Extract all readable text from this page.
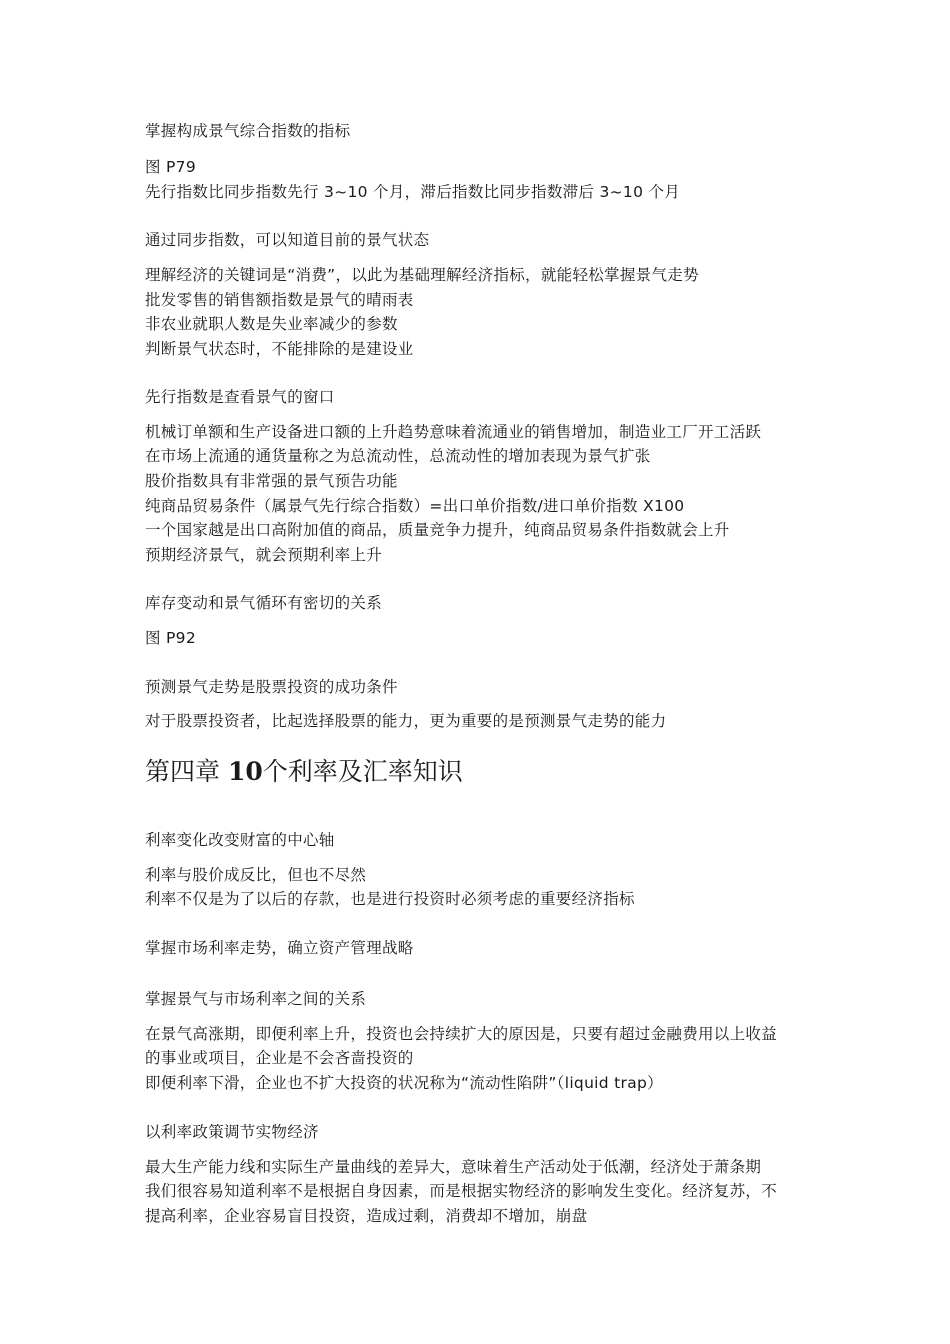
掌握构成景气综合指数的指标
图 P79
先行指数比同步指数先行 3~10 个月，滞后指数比同步指数滞后 3~10 个月
通过同步指数，可以知道目前的景气状态
理解经济的关键词是“消费”，以此为基础理解经济指标，就能轻松掌握景气走势
批发零售的销售额指数是景气的晴雨表
非农业就职人数是失业率减少的参数
判断景气状态时，不能排除的是建设业
先行指数是查看景气的窗口
机械订单额和生产设备进口额的上升趋势意味着流通业的销售增加，制造业工厂开工活跃
在市场上流通的通货量称之为总流动性，总流动性的增加表现为景气扩张
股价指数具有非常强的景气预告功能
纯商品贸易条件（属景气先行综合指数）=出口单价指数/进口单价指数 X100
一个国家越是出口高附加值的商品，质量竞争力提升，纯商品贸易条件指数就会上升
预期经济景气，就会预期利率上升
库存变动和景气循环有密切的关系
图 P92
预测景气走势是股票投资的成功条件
对于股票投资者，比起选择股票的能力，更为重要的是预测景气走势的能力
第四章 10个利率及汇率知识
利率变化改变财富的中心轴
利率与股价成反比，但也不尽然
利率不仅是为了以后的存款，也是进行投资时必须考虑的重要经济指标
掌握市场利率走势，确立资产管理战略
掌握景气与市场利率之间的关系
在景气高涨期，即便利率上升，投资也会持续扩大的原因是，只要有超过金融费用以上收益
的事业或项目，企业是不会吝啬投资的
即便利率下滑，企业也不扩大投资的状况称为“流动性陷阱”（liquid trap）
以利率政策调节实物经济
最大生产能力线和实际生产量曲线的差异大，意味着生产活动处于低潮，经济处于萧条期
我们很容易知道利率不是根据自身因素，而是根据实物经济的影响发生变化。经济复苏，不
提高利率，企业容易盲目投资，造成过剩，消费却不增加，崩盘
